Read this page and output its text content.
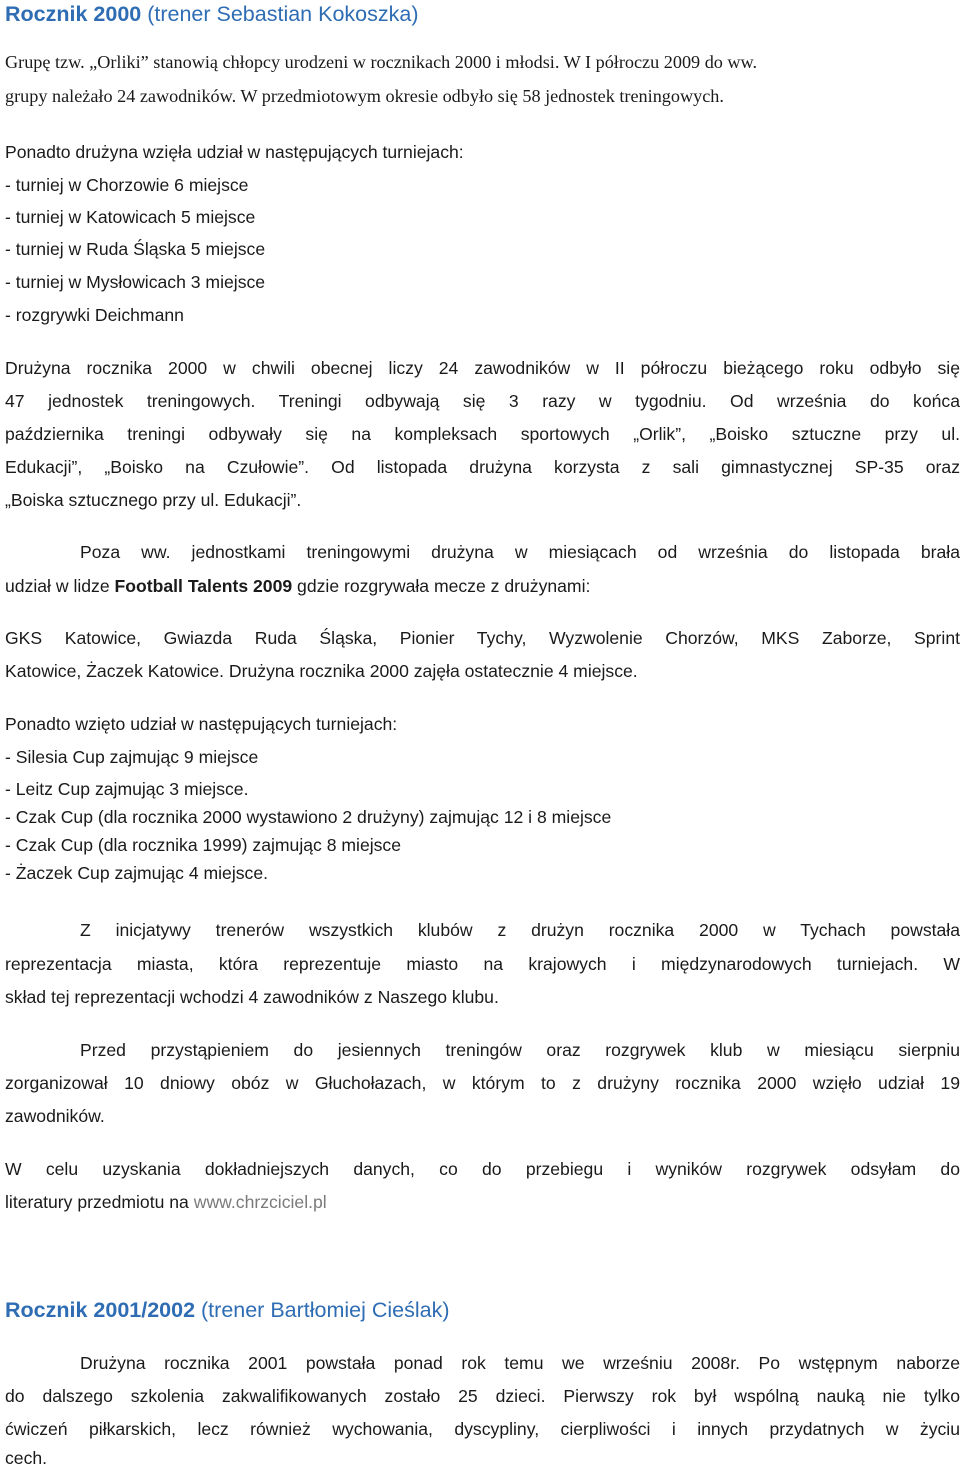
Rocznik 2000 (trener Sebastian Kokoszka)

Grupę tzw. „Orliki” stanowią chłopcy urodzeni w rocznikach 2000 i młodsi. W I półroczu 2009 do ww.

grupy należało 24 zawodników. W przedmiotowym okresie odbyło się 58 jednostek treningowych.

Ponadto drużyna wzięła udział w następujących turniejach:

- turniej w Chorzowie 6 miejsce

- turniej w Katowicach 5 miejsce

- turniej w Ruda Śląska 5 miejsce

- turniej w Mysłowicach 3 miejsce

- rozgrywki Deichmann

Drużyna rocznika 2000 w chwili obecnej liczy 24 zawodników w II półroczu bieżącego roku odbyło się

47 jednostek treningowych. Treningi odbywają się 3 razy w tygodniu. Od września do końca

października treningi odbywały się na kompleksach sportowych „Orlik”, „Boisko sztuczne przy ul.

Edukacji”, „Boisko na Czułowie”. Od listopada drużyna korzysta z sali gimnastycznej SP-35 oraz

„Boiska sztucznego przy ul. Edukacji”.

Poza ww. jednostkami treningowymi drużyna w miesiącach od września do listopada brała

udział w lidze Football Talents 2009 gdzie rozgrywała mecze z drużynami:

GKS Katowice, Gwiazda Ruda Śląska, Pionier Tychy, Wyzwolenie Chorzów, MKS Zaborze, Sprint

Katowice, Żaczek Katowice. Drużyna rocznika 2000 zajęła ostatecznie 4 miejsce.

Ponadto wzięto udział w następujących turniejach:

- Silesia Cup zajmując 9 miejsce

- Leitz Cup zajmując 3 miejsce.

- Czak Cup (dla rocznika 2000 wystawiono 2 drużyny) zajmując 12 i 8 miejsce

- Czak Cup (dla rocznika 1999) zajmując 8 miejsce

- Żaczek Cup zajmując 4 miejsce.

Z inicjatywy trenerów wszystkich klubów z drużyn rocznika 2000 w Tychach powstała

reprezentacja miasta, która reprezentuje miasto na krajowych i międzynarodowych turniejach. W

skład tej reprezentacji wchodzi 4 zawodników z Naszego klubu.

Przed przystąpieniem do jesiennych treningów oraz rozgrywek klub w miesiącu sierpniu

zorganizował 10 dniowy obóz w Głuchołazach, w którym to z drużyny rocznika 2000 wzięło udział 19

zawodników.

W celu uzyskania dokładniejszych danych, co do przebiegu i wyników rozgrywek odsyłam do

literatury przedmiotu na www.chrzciciel.pl

Rocznik 2001/2002 (trener Bartłomiej Cieślak)

Drużyna rocznika 2001 powstała ponad rok temu we wrześniu 2008r. Po wstępnym naborze

do dalszego szkolenia zakwalifikowanych zostało 25 dzieci. Pierwszy rok był wspólną nauką nie tylko

ćwiczeń piłkarskich, lecz również wychowania, dyscypliny, cierpliwości i innych przydatnych w życiu

cech.
